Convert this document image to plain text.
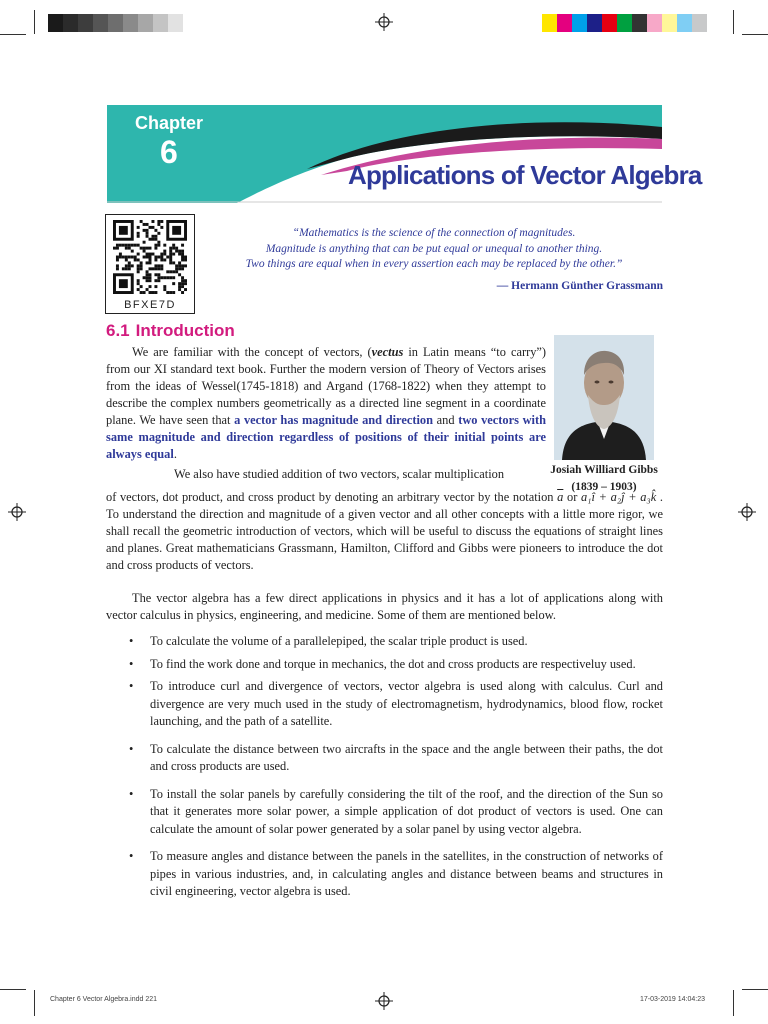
Chapter 6 Vector Algebra.indd 221	17-03-2019 14:04:23
Chapter
6
Applications of Vector Algebra
BFXE7D

“Mathematics is the science of the connection of magnitudes.

Magnitude is anything that can be put equal or unequal to another thing.

Two things are equal when in every assertion each may be replaced by the other.”

— Hermann Günther Grassmann
6.1 Introduction

We are familiar with the concept of vectors, (vectus in Latin means “to carry”) from our XI standard text book. Further the modern version of Theory of Vectors arises from the ideas of Wessel(1745-1818) and Argand (1768-1822) when they attempt to describe the complex numbers geometrically as a directed line segment in a coordinate plane. We have seen that a vector has magnitude and direction and two vectors with same magnitude and direction regardless of positions of their initial points are always equal.

Josiah Williard Gibbs
(1839 – 1903)

We also have studied addition of two vectors, scalar multiplication

of vectors, dot product, and cross product by denoting an arbitrary vector by the notation $\overline{a}$ or a₁î + a₂ĵ + a₃k̂ . To understand the direction and magnitude of a given vector and all other concepts with a little more rigor, we shall recall the geometric introduction of vectors, which will be useful to discuss the equations of straight lines and planes. Great mathematicians Grassmann, Hamilton, Clifford and Gibbs were pioneers to introduce the dot and cross products of vectors.

The vector algebra has a few direct applications in physics and it has a lot of applications along with vector calculus in physics, engineering, and medicine. Some of them are mentioned below.

• To calculate the volume of a parallelepiped, the scalar triple product is used.
• To find the work done and torque in mechanics, the dot and cross products are respectiveluy used.
• To introduce curl and divergence of vectors, vector algebra is used along with calculus. Curl and divergence are very much used in the study of electromagnetism, hydrodynamics, blood flow, rocket launching, and the path of a satellite.
• To calculate the distance between two aircrafts in the space and the angle between their paths, the dot and cross products are used.
• To install the solar panels by carefully considering the tilt of the roof, and the direction of the Sun so that it generates more solar power, a simple application of dot product of vectors is used. One can calculate the amount of solar power generated by a solar panel by using vector algebra.
• To measure angles and distance between the panels in the satellites, in the construction of networks of pipes in various industries, and, in calculating angles and distance between beams and structures in civil engineering, vector algebra is used.
